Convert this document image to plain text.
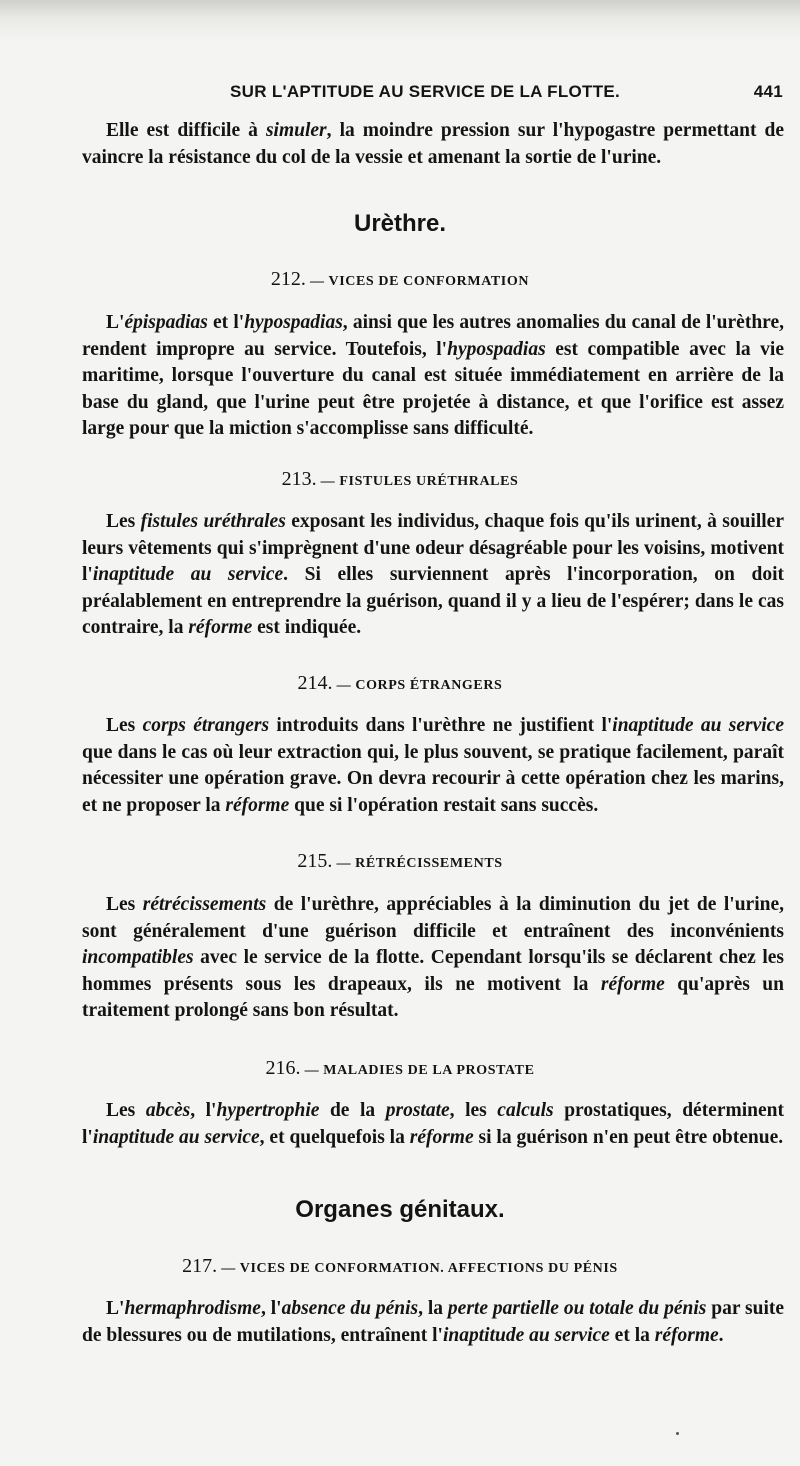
SUR L'APTITUDE AU SERVICE DE LA FLOTTE.	441

Elle est difficile à simuler, la moindre pression sur l'hypogastre permettant de vaincre la résistance du col de la vessie et amenant la sortie de l'urine.

Urèthre.
212. — VICES DE CONFORMATION

L'épispadias et l'hypospadias, ainsi que les autres anomalies du canal de l'urèthre, rendent impropre au service. Toutefois, l'hypospadias est compatible avec la vie maritime, lorsque l'ouverture du canal est située immédiatement en arrière de la base du gland, que l'urine peut être projetée à distance, et que l'orifice est assez large pour que la miction s'accomplisse sans difficulté.

213. — FISTULES URÉTHRALES

Les fistules uréthrales exposant les individus, chaque fois qu'ils urinent, à souiller leurs vêtements qui s'imprègnent d'une odeur désagréable pour les voisins, motivent l'inaptitude au service. Si elles surviennent après l'incorporation, on doit préalablement en entreprendre la guérison, quand il y a lieu de l'espérer; dans le cas contraire, la réforme est indiquée.

214. — CORPS ÉTRANGERS

Les corps étrangers introduits dans l'urèthre ne justifient l'inaptitude au service que dans le cas où leur extraction qui, le plus souvent, se pratique facilement, paraît nécessiter une opération grave. On devra recourir à cette opération chez les marins, et ne proposer la réforme que si l'opération restait sans succès.

215. — RÉTRÉCISSEMENTS

Les rétrécissements de l'urèthre, appréciables à la diminution du jet de l'urine, sont généralement d'une guérison difficile et entraînent des inconvénients incompatibles avec le service de la flotte. Cependant lorsqu'ils se déclarent chez les hommes présents sous les drapeaux, ils ne motivent la réforme qu'après un traitement prolongé sans bon résultat.

216. — MALADIES DE LA PROSTATE

Les abcès, l'hypertrophie de la prostate, les calculs prostatiques, déterminent l'inaptitude au service, et quelquefois la réforme si la guérison n'en peut être obtenue.

Organes génitaux.
217. — VICES DE CONFORMATION. AFFECTIONS DU PÉNIS

L'hermaphrodisme, l'absence du pénis, la perte partielle ou totale du pénis par suite de blessures ou de mutilations, entraînent l'inaptitude au service et la réforme.
